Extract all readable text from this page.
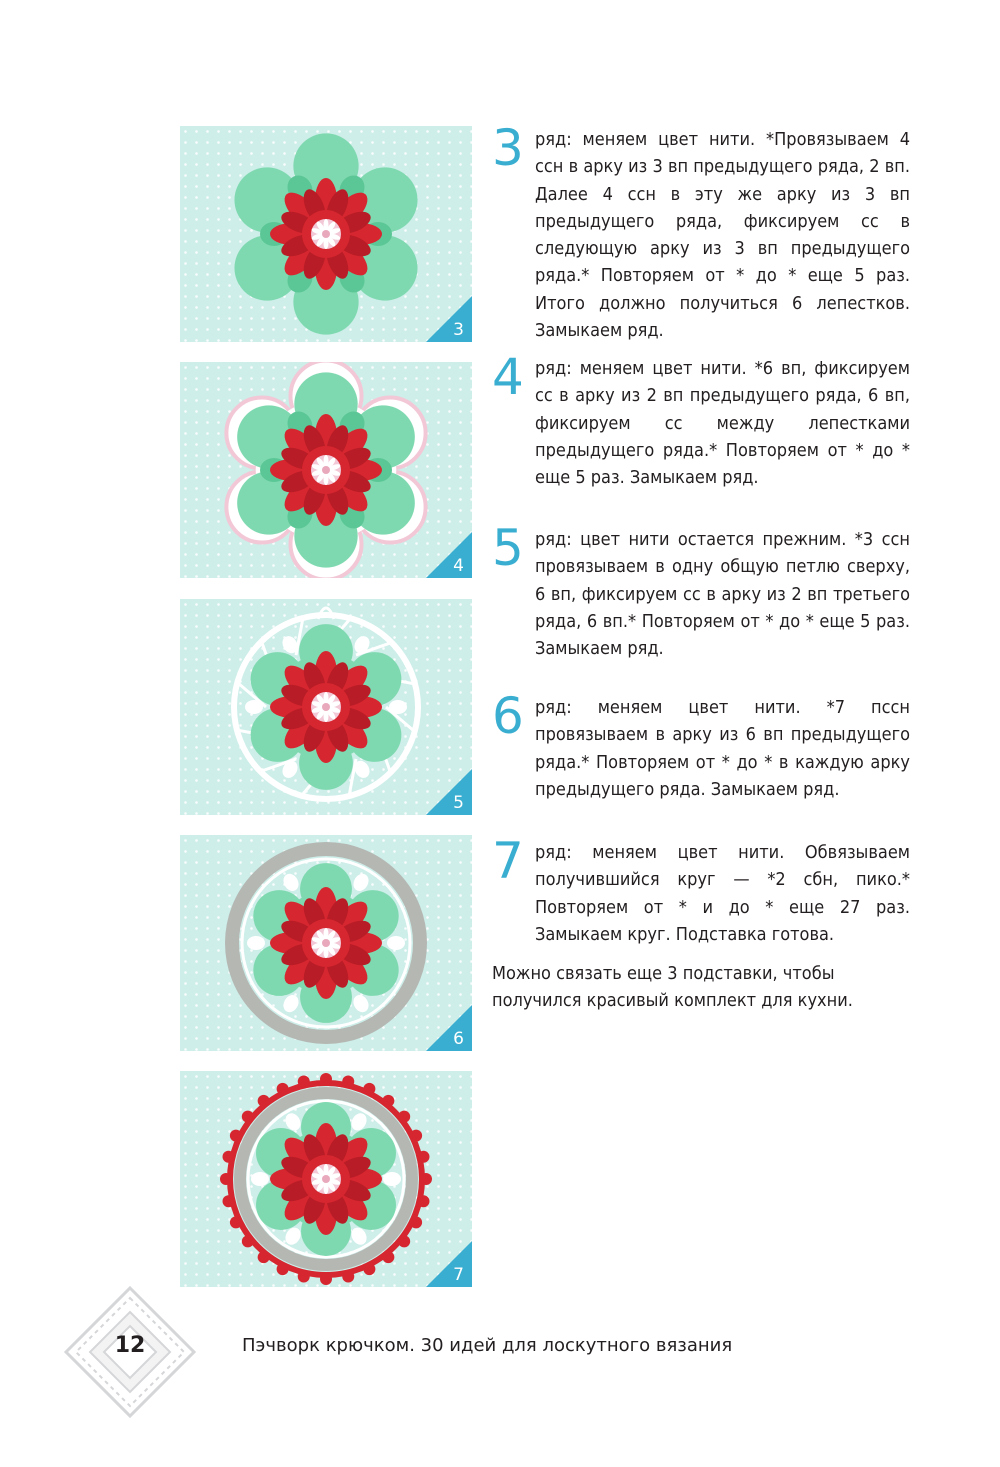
3
4
5
6
7
3 ряд: меняем цвет нити. *Провязываем 4 ссн в арку из 3 вп предыдущего ряда, 2 вп. Далее 4 ссн в эту же арку из 3 вп предыдущего ряда, фиксируем сс в следующую арку из 3 вп предыдущего ряда.* Повторяем от * до * еще 5 раз. Итого должно получиться 6 лепестков. Замыкаем ряд.
4 ряд: меняем цвет нити. *6 вп, фиксируем сс в арку из 2 вп предыдущего ряда, 6 вп, фиксируем сс между лепестками предыдущего ряда.* Повторяем от * до * еще 5 раз. Замыкаем ряд.
5 ряд: цвет нити остается прежним. *3 ссн провязываем в одну общую петлю сверху, 6 вп, фиксируем сс в арку из 2 вп третьего ряда, 6 вп.* Повторяем от * до * еще 5 раз. Замыкаем ряд.
6 ряд: меняем цвет нити. *7 пссн провязываем в арку из 6 вп предыдущего ряда.* Повторяем от * до * в каждую арку предыдущего ряда. Замыкаем ряд.
7 ряд: меняем цвет нити. Обвязываем получившийся круг — *2 сбн, пико.* Повторяем от * и до * еще 27 раз. Замыкаем круг. Подставка готова.
Можно связать еще 3 подставки, чтобы получился красивый комплект для кухни.
12	Пэчворк крючком. 30 идей для лоскутного вязания
